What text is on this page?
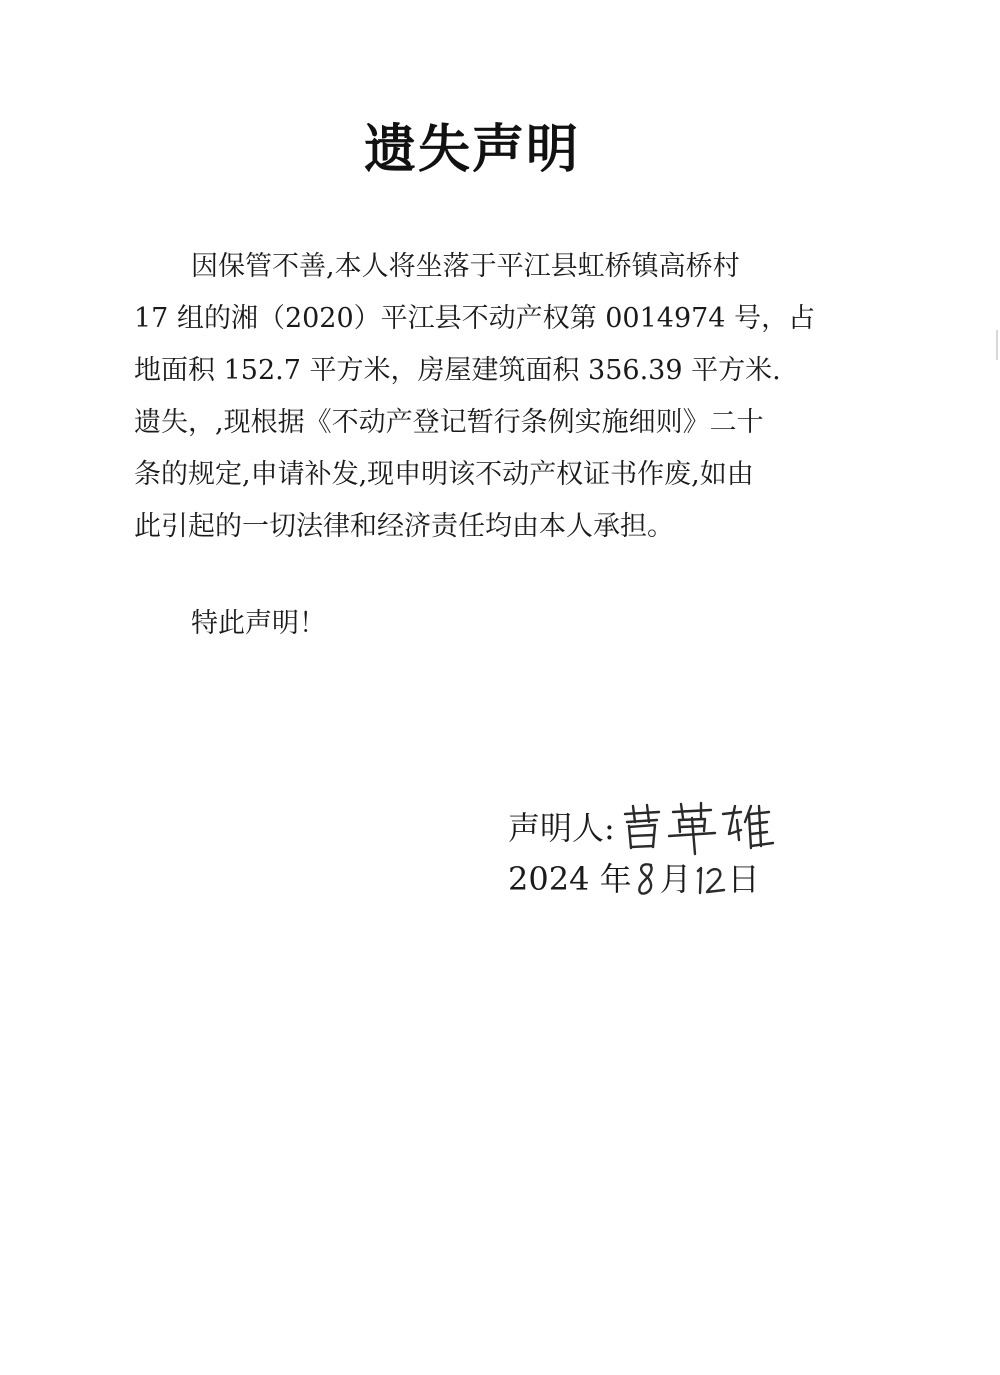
遗失声明
因保管不善,本人将坐落于平江县虹桥镇高桥村
17 组的湘（2020）平江县不动产权第 0014974 号，占
地面积 152.7 平方米，房屋建筑面积 356.39 平方米.
遗失，,现根据《不动产登记暂行条例实施细则》二十
条的规定,申请补发,现申明该不动产权证书作废,如由
此引起的一切法律和经济责任均由本人承担。
特此声明！
声明人:
2024 年 月 日
